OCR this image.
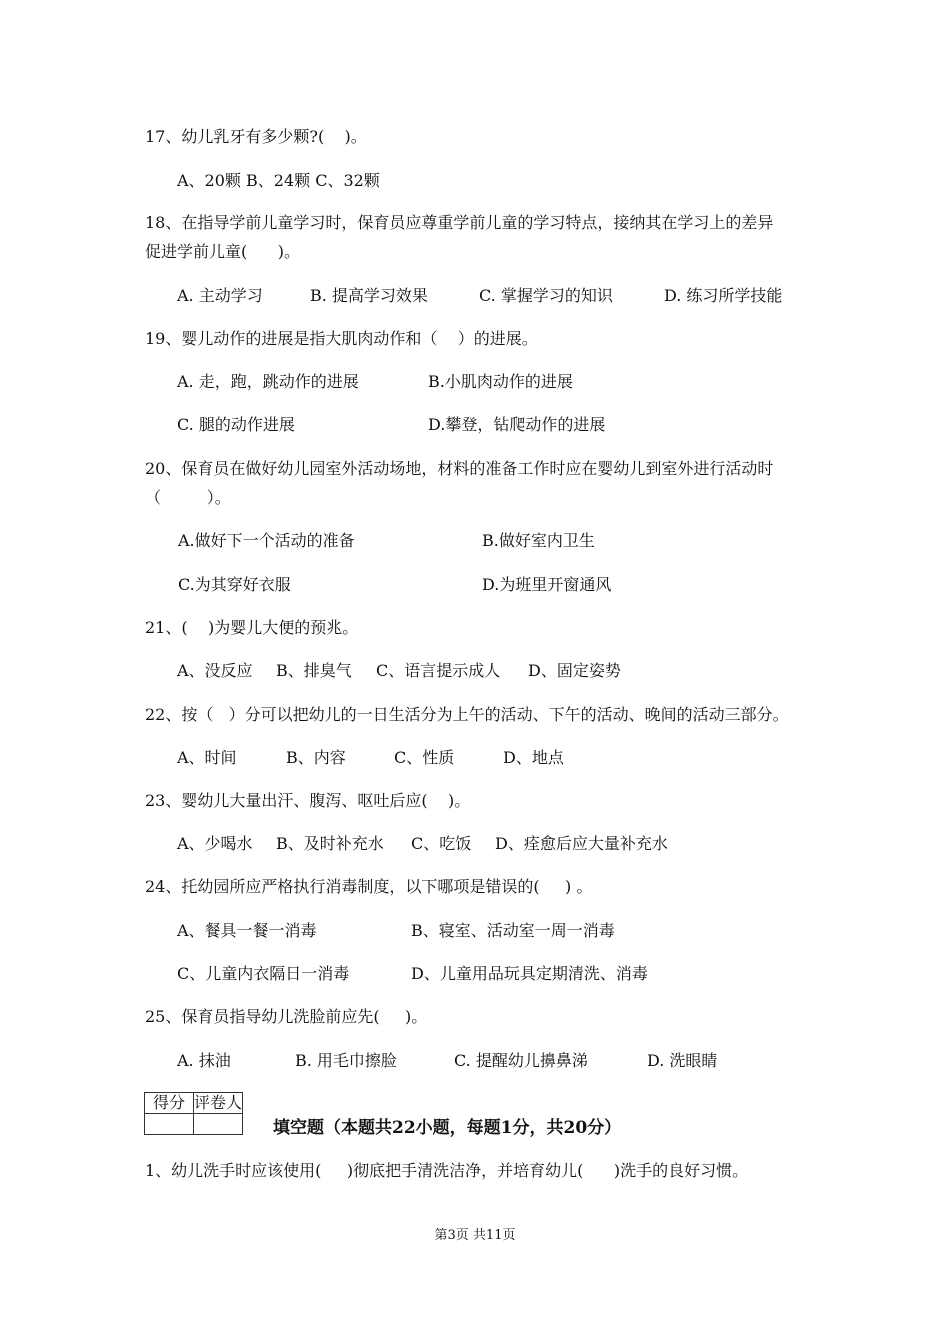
17、幼儿乳牙有多少颗?(    )。
A、20颗 B、24颗 C、32颗
18、在指导学前儿童学习时，保育员应尊重学前儿童的学习特点，接纳其在学习上的差异
促进学前儿童(      )。
A. 主动学习	B. 提高学习效果	C. 掌握学习的知识	D. 练习所学技能
19、婴儿动作的进展是指大肌肉动作和（    ）的进展。
A. 走，跑，跳动作的进展	B.小肌肉动作的进展
C. 腿的动作进展	D.攀登，钻爬动作的进展
20、保育员在做好幼儿园室外活动场地，材料的准备工作时应在婴幼儿到室外进行活动时
（         ）。
A.做好下一个活动的准备	B.做好室内卫生
C.为其穿好衣服	D.为班里开窗通风
21、(    )为婴儿大便的预兆。
A、没反应 B、排臭气 C、语言提示成人 D、固定姿势
22、按（   ）分可以把幼儿的一日生活分为上午的活动、下午的活动、晚间的活动三部分。
A、时间	B、内容	C、性质	D、地点
23、婴幼儿大量出汗、腹泻、呕吐后应(    )。
A、少喝水 B、及时补充水 C、吃饭 D、痊愈后应大量补充水
24、托幼园所应严格执行消毒制度，以下哪项是错误的(     ) 。
A、餐具一餐一消毒	B、寝室、活动室一周一消毒
C、儿童内衣隔日一消毒	D、儿童用品玩具定期清洗、消毒
25、保育员指导幼儿洗脸前应先(     )。
A. 抹油	B. 用毛巾擦脸	C. 提醒幼儿擤鼻涕	D. 洗眼睛
得分	评卷人

填空题（本题共22小题，每题1分，共20分）
1、幼儿洗手时应该使用(     )彻底把手清洗洁净，并培育幼儿(      )洗手的良好习惯。
第3页 共11页
